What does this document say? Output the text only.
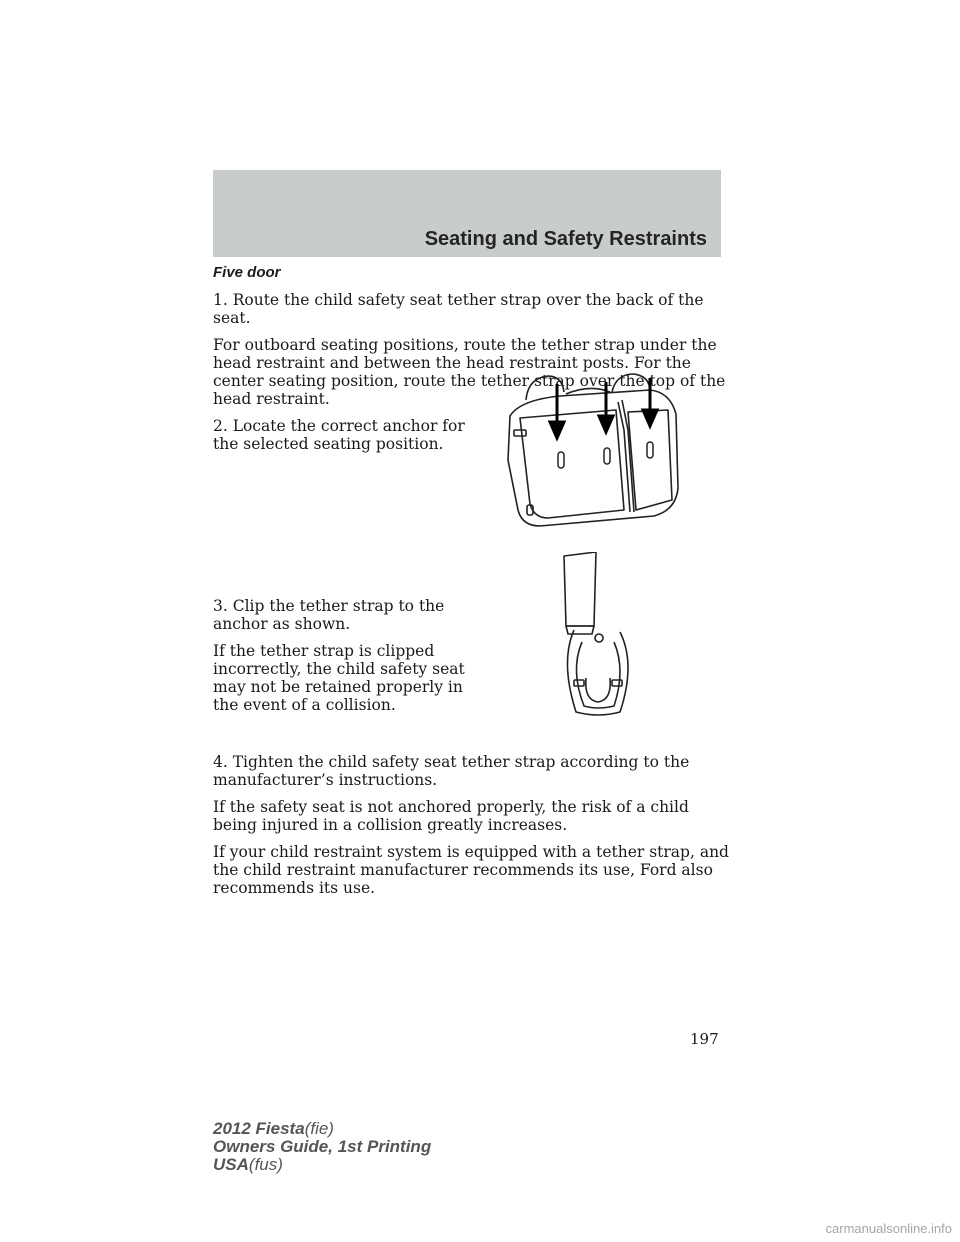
Seating and Safety Restraints

Five door

1. Route the child safety seat tether strap over the back of the seat.

For outboard seating positions, route the tether strap under the head restraint and between the head restraint posts. For the center seating position, route the tether strap over the top of the head restraint.

2. Locate the correct anchor for the selected seating position.

3. Clip the tether strap to the anchor as shown.

If the tether strap is clipped incorrectly, the child safety seat may not be retained properly in the event of a collision.

4. Tighten the child safety seat tether strap according to the manufacturer’s instructions.

If the safety seat is not anchored properly, the risk of a child being injured in a collision greatly increases.

If your child restraint system is equipped with a tether strap, and the child restraint manufacturer recommends its use, Ford also recommends its use.

197
2012 Fiesta(fie)
Owners Guide, 1st Printing
USA(fus)
carmanualsonline.info
